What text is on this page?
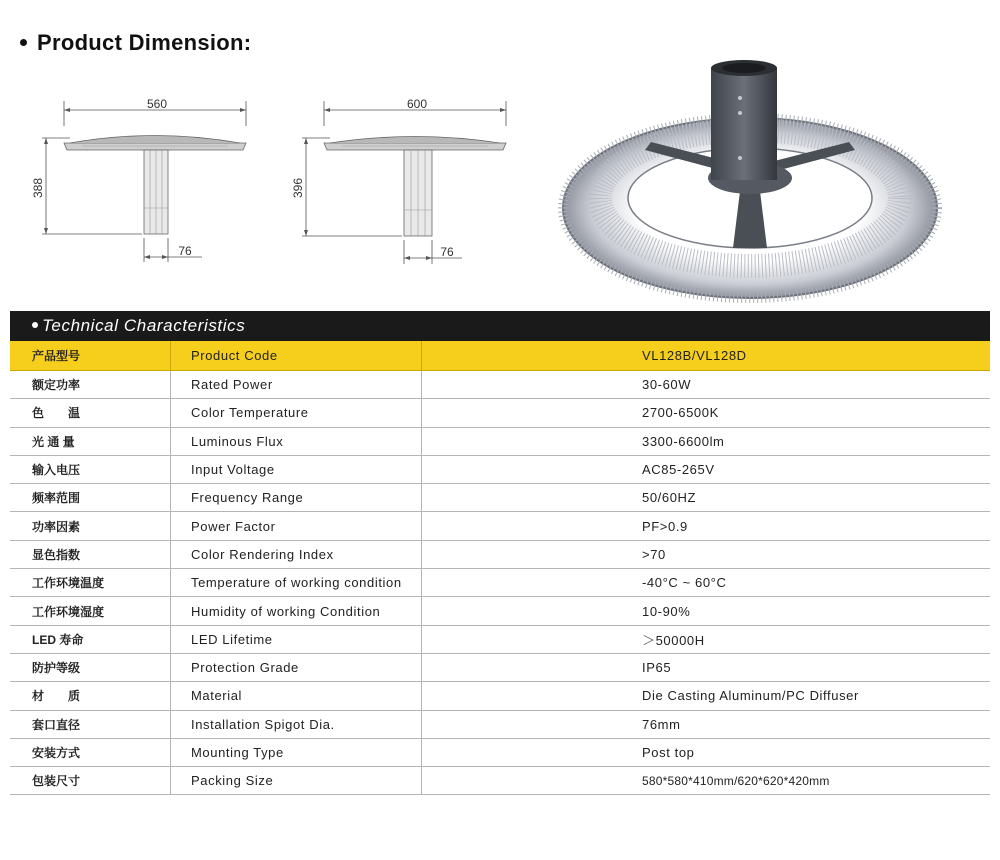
Product Dimension:
560
388
76
600
396
76
Technical Characteristics
产品型号	Product Code	VL128B/VL128D
额定功率	Rated Power	30-60W
色　　温	Color Temperature	2700-6500K
光 通 量	Luminous Flux	3300-6600lm
输入电压	Input Voltage	AC85-265V
频率范围	Frequency Range	50/60HZ
功率因素	Power Factor	PF>0.9
显色指数	Color Rendering Index	>70
工作环境温度	Temperature of working condition	-40°C ~ 60°C
工作环境湿度	Humidity of working Condition	10-90%
LED 寿命	LED Lifetime	＞50000H
防护等级	Protection Grade	IP65
材　　质	Material	Die Casting Aluminum/PC Diffuser
套口直径	Installation Spigot Dia.	76mm
安装方式	Mounting Type	Post top
包装尺寸	Packing Size	580*580*410mm/620*620*420mm
